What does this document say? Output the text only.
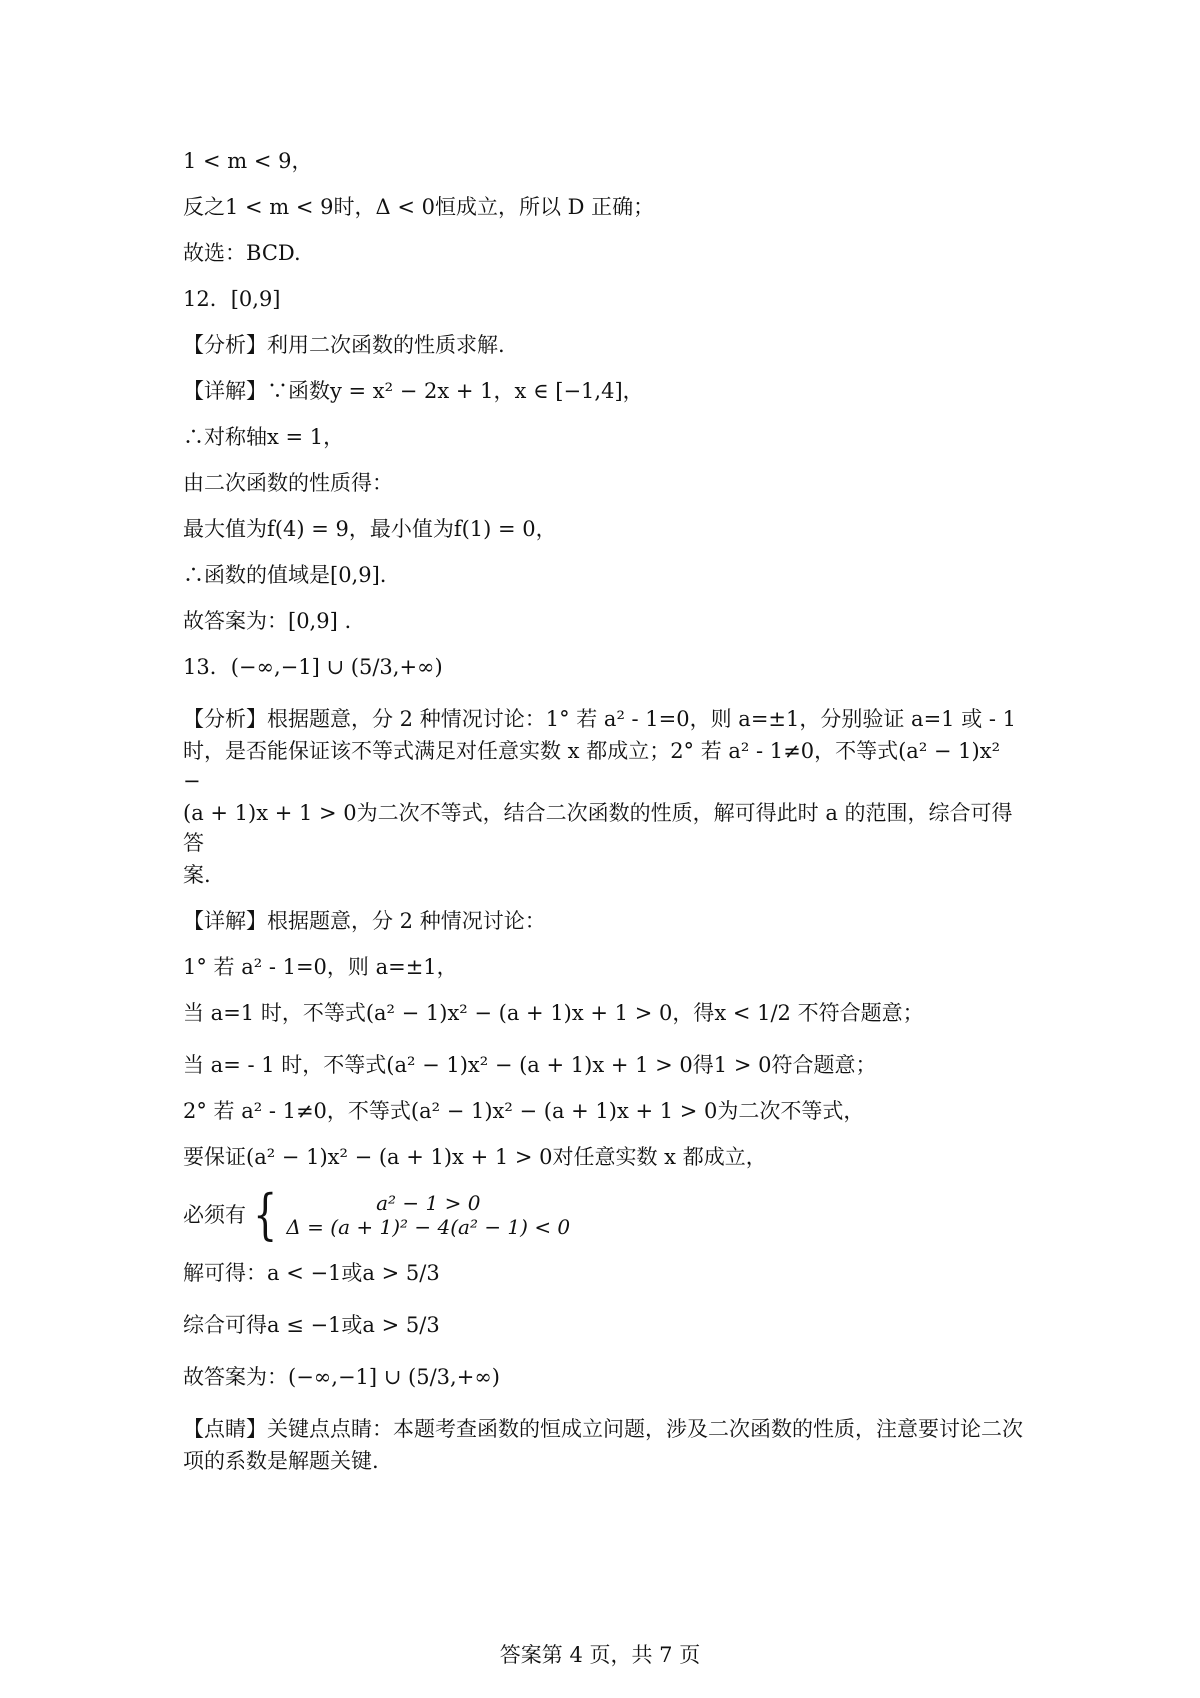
1 < m < 9，
反之1 < m < 9时，Δ < 0恒成立，所以 D 正确；
故选：BCD.
12．[0,9]
【分析】利用二次函数的性质求解.
【详解】∵函数y = x² − 2x + 1，x ∈ [−1,4]，
∴对称轴x = 1，
由二次函数的性质得：
最大值为f(4) = 9，最小值为f(1) = 0，
∴函数的值域是[0,9].
故答案为：[0,9] .
13．(−∞,−1] ∪ (5/3,+∞)
【分析】根据题意，分 2 种情况讨论：1° 若 a² - 1=0，则 a=±1，分别验证 a=1 或 - 1
时，是否能保证该不等式满足对任意实数 x 都成立；2° 若 a² - 1≠0，不等式(a² − 1)x² −
(a + 1)x + 1 > 0为二次不等式，结合二次函数的性质，解可得此时 a 的范围，综合可得答
案.
【详解】根据题意，分 2 种情况讨论：
1° 若 a² - 1=0，则 a=±1，
当 a=1 时，不等式(a² − 1)x² − (a + 1)x + 1 > 0，得x < 1/2 不符合题意；
当 a= - 1 时，不等式(a² − 1)x² − (a + 1)x + 1 > 0得1 > 0符合题意；
2° 若 a² - 1≠0，不等式(a² − 1)x² − (a + 1)x + 1 > 0为二次不等式，
要保证(a² − 1)x² − (a + 1)x + 1 > 0对任意实数 x 都成立，
必须有 {	a² − 1 > 0
Δ = (a + 1)² − 4(a² − 1) < 0
解可得：a < −1或a > 5/3
综合可得a ≤ −1或a > 5/3
故答案为：(−∞,−1] ∪ (5/3,+∞)
【点睛】关键点点睛：本题考查函数的恒成立问题，涉及二次函数的性质，注意要讨论二次
项的系数是解题关键.
答案第 4 页，共 7 页
